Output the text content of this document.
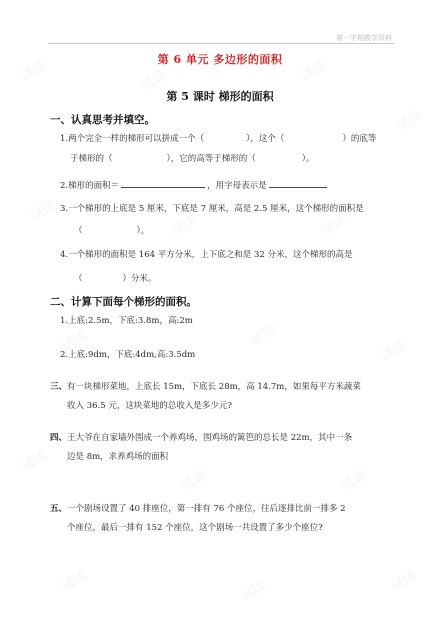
第一学期教学资料
第 6 单元 多边形的面积
第 5 课时 梯形的面积
一、认真思考并填空。
1.两个完全一样的梯形可以拼成一个（	），这个（	）的底等
于梯形的（	），它的高等于梯形的（	）。
2.梯形的面积＝	，用字母表示是
3.一个梯形的上底是 5 厘米，下底是 7 厘米，高是 2.5 厘米，这个梯形的面积是
（	）。
4.一个梯形的面积是 164 平方分米，上下底之和是 32 分米，这个梯形的高是
（	）分米。
二、计算下面每个梯形的面积。
1.上底:2.5m，下底:3.8m，高:2m
2.上底:9dm，下底:4dm,高:3.5dm
三、有一块梯形菜地，上底长 15m，下底长 28m，高 14.7m，如果每平方米蔬菜
收入 36.5 元，这块菜地的总收入是多少元?
四、王大爷在自家墙外围成一个养鸡场，围鸡场的篱笆的总长是 22m，其中一条
边是 8m，求养鸡场的面积
五、一个剧场设置了 40 排座位，第一排有 76 个座位，往后逐排比前一排多 2
个座位，最后一排有 152 个座位，这个剧场一共设置了多少个座位?
试读	试读	试读
试读
试读
试读	试读
试读	试读
试读
试读
试读	试读
试读	试读	试读
